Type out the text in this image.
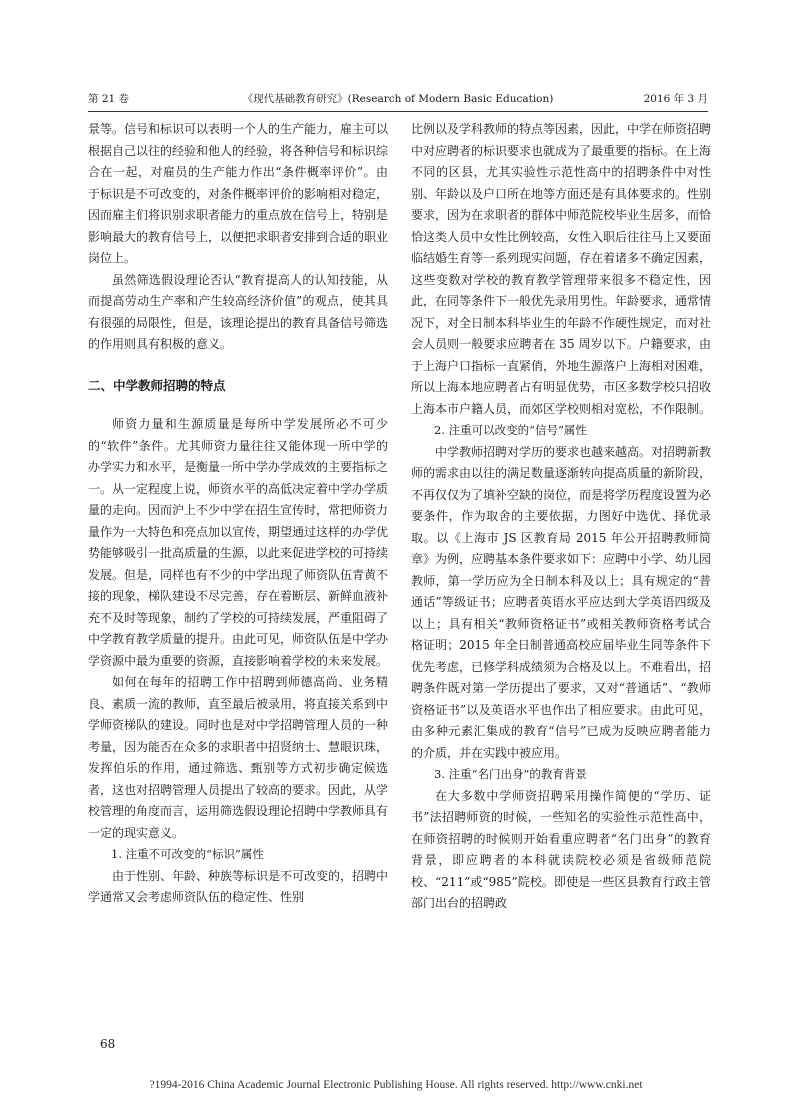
第 21 卷	《现代基础教育研究》(Research of Modern Basic Education)	2016 年 3 月

景等。信号和标识可以表明一个人的生产能力，雇主可以根据自己以往的经验和他人的经验，将各种信号和标识综合在一起，对雇员的生产能力作出“条件概率评价”。由于标识是不可改变的，对条件概率评价的影响相对稳定，因而雇主们将识别求职者能力的重点放在信号上，特别是影响最大的教育信号上，以便把求职者安排到合适的职业岗位上。

虽然筛选假设理论否认“教育提高人的认知技能，从而提高劳动生产率和产生较高经济价值”的观点，使其具有很强的局限性，但是，该理论提出的教育具备信号筛选的作用则具有积极的意义。

二、中学教师招聘的特点

师资力量和生源质量是每所中学发展所必不可少的“软件”条件。尤其师资力量往往又能体现一所中学的办学实力和水平，是衡量一所中学办学成效的主要指标之一。从一定程度上说，师资水平的高低决定着中学办学质量的走向。因而沪上不少中学在招生宣传时，常把师资力量作为一大特色和亮点加以宣传，期望通过这样的办学优势能够吸引一批高质量的生源，以此来促进学校的可持续发展。但是，同样也有不少的中学出现了师资队伍青黄不接的现象，梯队建设不尽完善，存在着断层、新鲜血液补充不及时等现象，制约了学校的可持续发展，严重阻碍了中学教育教学质量的提升。由此可见，师资队伍是中学办学资源中最为重要的资源，直接影响着学校的未来发展。

如何在每年的招聘工作中招聘到师德高尚、业务精良、素质一流的教师，直至最后被录用，将直接关系到中学师资梯队的建设。同时也是对中学招聘管理人员的一种考量，因为能否在众多的求职者中招贤纳士、慧眼识珠，发挥伯乐的作用，通过筛选、甄别等方式初步确定候选者，这也对招聘管理人员提出了较高的要求。因此，从学校管理的角度而言，运用筛选假设理论招聘中学教师具有一定的现实意义。

1. 注重不可改变的“标识”属性

由于性别、年龄、种族等标识是不可改变的，招聘中学通常又会考虑师资队伍的稳定性、性别

比例以及学科教师的特点等因素，因此，中学在师资招聘中对应聘者的标识要求也就成为了最重要的指标。在上海不同的区县，尤其实验性示范性高中的招聘条件中对性别、年龄以及户口所在地等方面还是有具体要求的。性别要求，因为在求职者的群体中师范院校毕业生居多，而恰恰这类人员中女性比例较高，女性入职后往往马上又要面临结婚生育等一系列现实问题，存在着诸多不确定因素，这些变数对学校的教育教学管理带来很多不稳定性，因此，在同等条件下一般优先录用男性。年龄要求，通常情况下，对全日制本科毕业生的年龄不作硬性规定，而对社会人员则一般要求应聘者在 35 周岁以下。户籍要求，由于上海户口指标一直紧俏，外地生源落户上海相对困难，所以上海本地应聘者占有明显优势，市区多数学校只招收上海本市户籍人员，而郊区学校则相对宽松，不作限制。

2. 注重可以改变的“信号”属性

中学教师招聘对学历的要求也越来越高。对招聘新教师的需求由以往的满足数量逐渐转向提高质量的新阶段，不再仅仅为了填补空缺的岗位，而是将学历程度设置为必要条件，作为取舍的主要依据，力图好中选优、择优录取。以《上海市 JS 区教育局 2015 年公开招聘教师简章》为例，应聘基本条件要求如下：应聘中小学、幼儿园教师，第一学历应为全日制本科及以上；具有规定的“普通话”等级证书；应聘者英语水平应达到大学英语四级及以上；具有相关“教师资格证书”或相关教师资格考试合格证明；2015 年全日制普通高校应届毕业生同等条件下优先考虑，已修学科成绩须为合格及以上。不难看出，招聘条件既对第一学历提出了要求，又对“普通话”、“教师资格证书”以及英语水平也作出了相应要求。由此可见，由多种元素汇集成的教育“信号”已成为反映应聘者能力的介质，并在实践中被应用。

3. 注重“名门出身”的教育背景

在大多数中学师资招聘采用操作简便的“学历、证书”法招聘师资的时候，一些知名的实验性示范性高中，在师资招聘的时候则开始看重应聘者“名门出身”的教育背景，即应聘者的本科就读院校必须是省级师范院校、“211”或“985”院校。即使是一些区县教育行政主管部门出台的招聘政

68
?1994-2016 China Academic Journal Electronic Publishing House. All rights reserved. http://www.cnki.net
